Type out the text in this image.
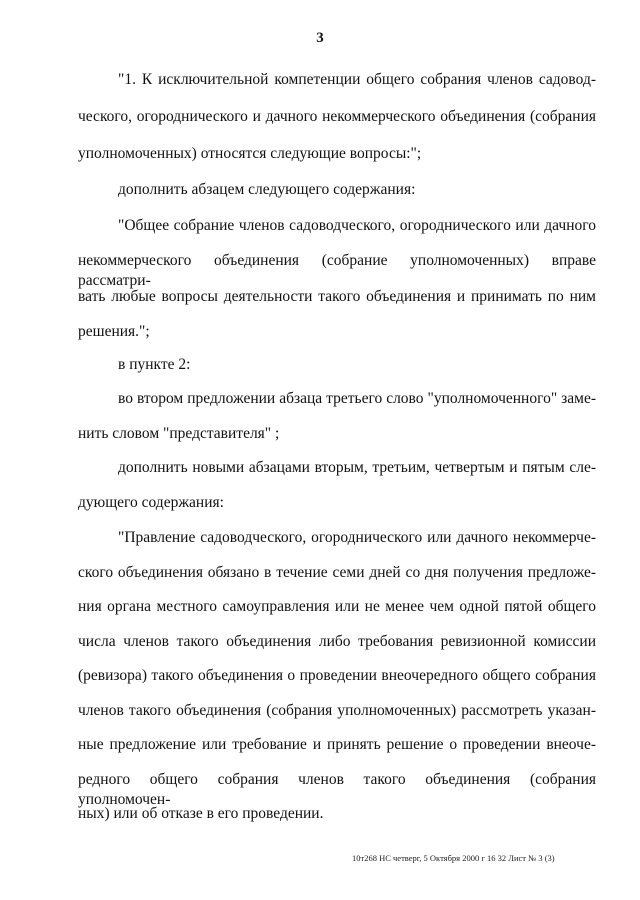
3
"1. К исключительной компетенции общего собрания членов садовод-
ческого, огороднического и дачного некоммерческого объединения (собрания
уполномоченных) относятся следующие вопросы:";
дополнить абзацем следующего содержания:
"Общее собрание членов садоводческого, огороднического или дачного
некоммерческого объединения (собрание уполномоченных) вправе рассматри-
вать любые вопросы деятельности такого объединения и принимать по ним
решения.";
в пункте 2:
во втором предложении абзаца третьего слово "уполномоченного" заме-
нить словом "представителя" ;
дополнить новыми абзацами вторым, третьим, четвертым и пятым сле-
дующего содержания:
"Правление садоводческого, огороднического или дачного некоммерче-
ского объединения обязано в течение семи дней со дня получения предложе-
ния органа местного самоуправления или не менее чем одной пятой общего
числа членов такого объединения либо требования ревизионной комиссии
(ревизора) такого объединения о проведении внеочередного общего собрания
членов такого объединения (собрания уполномоченных) рассмотреть указан-
ные предложение или требование и принять решение о проведении внеоче-
редного общего собрания членов такого объединения (собрания уполномочен-
ных) или об отказе в его проведении.
10т268 НС четверг, 5 Октября 2000 г 16 32 Лист № 3 (3)
